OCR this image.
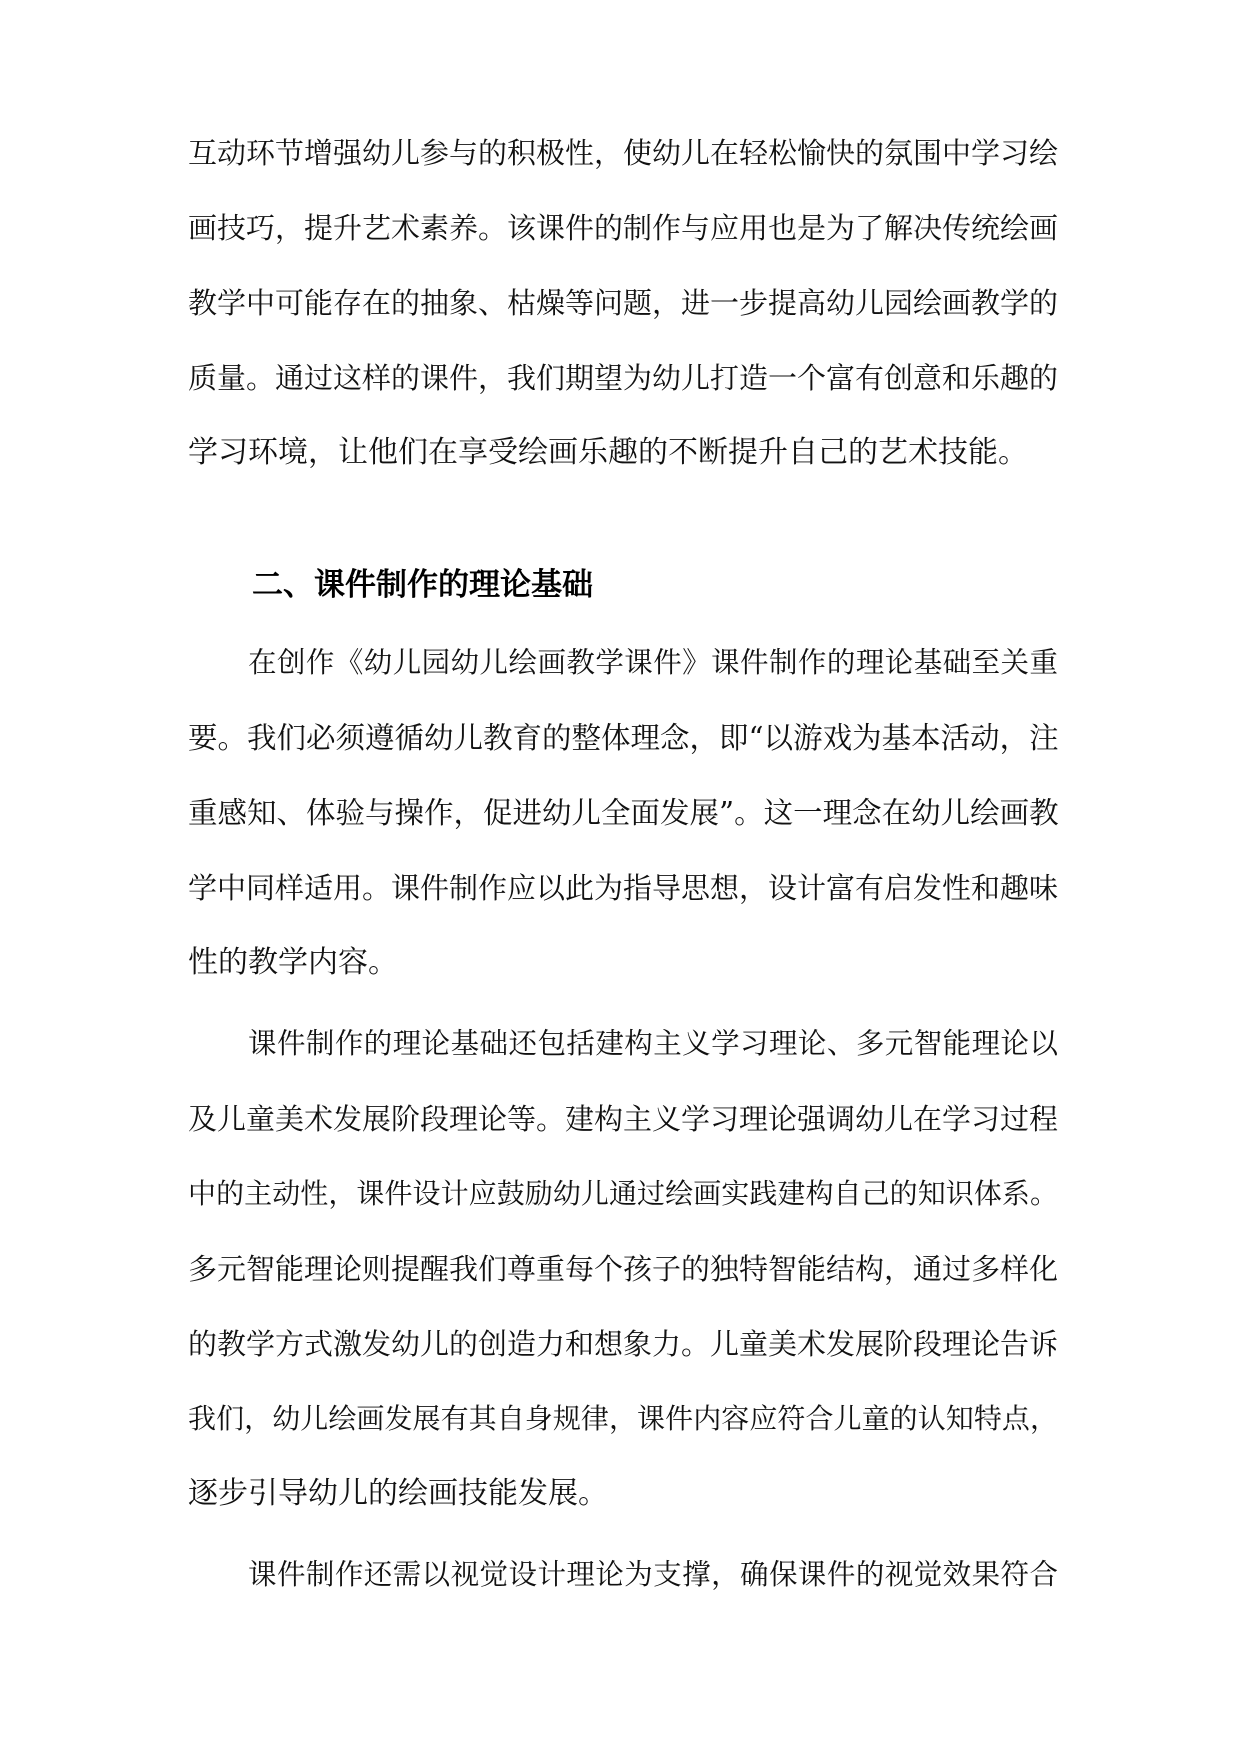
互动环节增强幼儿参与的积极性，使幼儿在轻松愉快的氛围中学习绘
画技巧，提升艺术素养。该课件的制作与应用也是为了解决传统绘画
教学中可能存在的抽象、枯燥等问题，进一步提高幼儿园绘画教学的
质量。通过这样的课件，我们期望为幼儿打造一个富有创意和乐趣的
学习环境，让他们在享受绘画乐趣的不断提升自己的艺术技能。
二、课件制作的理论基础
在创作《幼儿园幼儿绘画教学课件》课件制作的理论基础至关重
要。我们必须遵循幼儿教育的整体理念，即“以游戏为基本活动，注
重感知、体验与操作，促进幼儿全面发展”。这一理念在幼儿绘画教
学中同样适用。课件制作应以此为指导思想，设计富有启发性和趣味
性的教学内容。
课件制作的理论基础还包括建构主义学习理论、多元智能理论以
及儿童美术发展阶段理论等。建构主义学习理论强调幼儿在学习过程
中的主动性，课件设计应鼓励幼儿通过绘画实践建构自己的知识体系。
多元智能理论则提醒我们尊重每个孩子的独特智能结构，通过多样化
的教学方式激发幼儿的创造力和想象力。儿童美术发展阶段理论告诉
我们，幼儿绘画发展有其自身规律，课件内容应符合儿童的认知特点，
逐步引导幼儿的绘画技能发展。
课件制作还需以视觉设计理论为支撑，确保课件的视觉效果符合
